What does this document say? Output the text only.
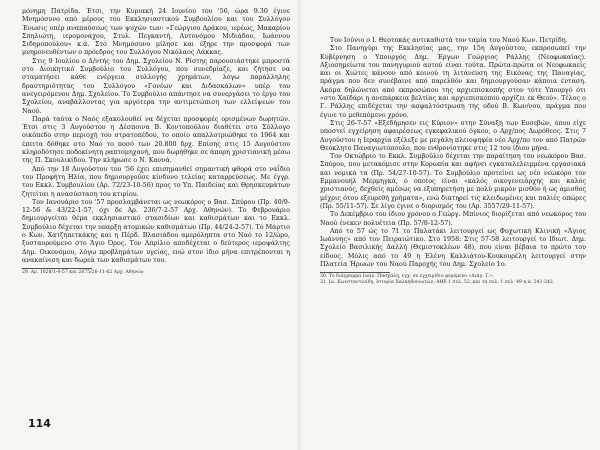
μόνημη Πατρίδα. Έτσι, την Κυριακή 24 Ιουνίου του '56, ώρα 9.30 έγινε Μνημόσυνο από μέρους του Εκκλησιαστικού Συμβουλίου και του Συλλόγου Ένωσις υπέρ αναπαύσεως των ψυχών των: «Γεώργιου Δράκου, ιερέως, Μακαρίου Σπηλιώτη, ιερομονάχου, Στυλ. Πεγκαντή, Αυτονόμου Μιδιάδου, Ιωάννου Σιδηροπούλου» κ.ά. Στό Μνημόσυνο μίλησε και έξηρε την προσφορά των μνημονευθέντων ο πρόεδρος του Συλλόγου Νικόλαος Λάκκας.

Στις 9 Ιουλίου ο Δ/ντής του Δημ. Σχολείου Ν. Ρίστης παρουσιάστηκε μπροστά στο Διοικητικό Συμβούλιο του Συλλόγου, που συνεδρίαζε, και ζήτησε να σταματήσει κάθε ενέργεια συλλογής χρημάτων, λόγω παράλληλης δραστηριότητας του Συλλόγου «Γονέων και Διδασκάλων» υπέρ του ανεγειρόμενου Δημ. Σχολείου. Το Συμβούλιο απάντησε να συνεργάσει το έργο του Σχολείου, αναβάλλοντας για αργότερα την αντιμετώπιση των ελλείψεων του Ναού.

Παρά ταύτα ο Ναός εξακολουθεί να δέχεται προσφορές ορισμένων δωρητών. Έτσι στις 3 Αυγούστου η Δέσποινα Β. Κοντοπούλου διαθέτει στο Σύλλογο οικόπεδο στην περιοχή του στρατοπέδου, το οποίο απαλλοτριώθηκε το 1964 και έπειτα δόθηκε στο Ναό το ποσό των 20.800 δρχ. Επίσης στις 15 Αυγούστου κληροδότησε ποδοκίνητη ραπτομηχανή, που δωρήθηκε σε άπορη χριστιανική μέσω της Π. Σκουλικίδου. Την κλήρωσε ο Ν. Καννά.

Από την 18 Αυγούστου του '56 έχει επισημανθεί σημαντική φθορά στο ναΐδιο του Προφήτη Ηλία, που δημιουργούσε κίνδυνο τελείας καταρρεύσεως. Με έγγρ. του Εκκλ. Συμβουλίου (Αρ. 72/23-10-56) προς το Υπ. Παιδείας και Θρησκευμάτων ζητείται η ανασύσταση του κτιρίου.

Τον Ιανουάριο του '57 προσλαμβάνεται ως νεωκόρος ο Βασ. Σπύρου (Πρ. 40/9-12-56 & 43/22-1-57, όχι δε Αρ. 236/7-2-57 Αρχ. Αθηνών). Το Φεβρουάριο δημιουργείται θέμα εκκλησιαστικό στασιδίων και καθισμάτων και το Εκκλ. Συμβούλιο δέχεται την υπαρξη ατομικών καθισμάτων (Πρ. 44/24-2-57). Τό Μάρτιο ο Κων. Χατζηπετκάκης και η Πέρδ. Βλασιάδου αμερόληπτα στο Ναό το 12/ώρο, ξυσταυρούμενο στο Άγιο Όρος. Τον Απρίλιο αποδέχεται ο δεύτερος ιεροψάλτης Δημ. Οικονόμου, λόγω προβλημάτων υγείας, ενώ στον ίδιο μήνα επιτρέπονται η ανακαίνιση και δωρεά των καθισμάτων του.

29. Αρ. 1028/1-4-57 και 2675/26-11-62 Αρχ. Αθηνών

114

Τον Ιούνιο ο Ι. Θεοτοκάς αντικαθιστά τον ταμία του Ναού Κων. Πετρίδη.

Στο Πανηγύρι της Εκκλησίας μας, την 15η Αυγούστου, εκπροσωπεί την Κυβέρνηση ο Υπουργός Δημ. Έργων Γεώργιος Ράλλης (Νεοφωκαίας). Αξιοσημείωτα του πανηγυριού αυτού είναι τούτα. Πρώτα-πρώτα οι Νεοφωκαείς και οι Χιώτες κάνουν από κοινού τη λιτάνευση της Εικόνας της Παναγίας, πράγμα που δεν συνέβαινε από παρελθόν και δημιουργούσαν κάποια ένταση. Ακόμα δηλώνεται από εκπροσώπου της αρχιεπισκοπής στον τότε Υπουργό ότι «στο Χαϊδάρι η ανεπάρκεια βελτίας και αρχιεπισκόπου αρχίζει εκ Θεού». Τέλος ο Γ. Ράλλης επιδέχεται την ασφαλτόστρωση της οδού Β. Κων/νου, πράγμα που έγινε το μεθεπόμενο χρόνο.

Στις 26-7-57 «Εξεδήμησεν εις Κύριον» στην Σύναξη των Ευσεβών, όπου είχε υποστεί εγχείρηση αφαιρέσεως εγκεφαλικού όγκου, ο Αρχ/πος Δωρόθεος. Στις 7 Αυγούστου η Ιεραρχία εξέλεξε με μεγάλη πλειοψηφία νέο Αρχ/πο τον από Πατρών Θεόκλητο Παναγιωτόπουλο, που ενθρονίστηκε στις 12 του ίδιου μήνα.

Τον Οκτώβριο το Εκκλ. Συμβούλιο δέχεται την παραίτηση του νεωκόρου Βασ. Σπύρου, που μετακόμισε στην Κορωπία και αφήνει εγκαταλελειμμένα εργασιακά και νομικά τα (Πρ. 54/27-10-57). Το Συμβούλιο προτείνει ως νέο νεωκόρο τον Εμμανουήλ Μερμηγκά, ο οποίος είναι «καλός οικογενειάρχης και καλός χριστιανός, δεχθείς αμέσως να εξυπηρετήση με πολύ μικρόν μισθόν ή ως άμισθος μέχρις ότου εξευρεθή χρήματα», ενώ διατηρεί τις κλειδωμένες και παλιές οπώρες (Πρ. 55/11-57). Σε λίγο έγινε ο διορισμός του (Αρ. 3557/29-11-57).

Το Δεκέμβριο του ίδιου χρόνου ο Γεώργ. Μπίνιος διορίζεται από νεωκόρος του Ναού ένεκεν πολυέτεια (Πρ. 57/8-12-57).

Από το 57 ώς το 71 το Παλατάκι λειτουργεί ως Φυχωτική Κλινική «Άγιος Ιωάννης» από τον Πειραιώτικο. Στο 1958: Στις 57-58 λειτουργεί το Ιδιωτ. Δημ. Σχολείο Βασιλικής Δαλλή (Θεμιστοκλέων 48), που είναι βέβαια το πρώτο του είδους. Μόλις από το 49 η Ελένη Καλλιάτου-Κουκουρέλη λειτουργεί στην Πλατεία Ήρωων του Ναού Παροχής του Δημ. Σχολείο 1ο.

30. Το διάγραμμα Ιωάν. Πασχάλη, εγχ. σε εγχειρίδιο φερόμενο «Διάγ. Τ.».

31. Ιω. Κωνσταντινίδη, Ιστορία Χαλκηδονιωτών, ΑΘΕ 1 σελ. 52, και τα σελ. 1 σελ. 49 κ.ά. 241-242.
